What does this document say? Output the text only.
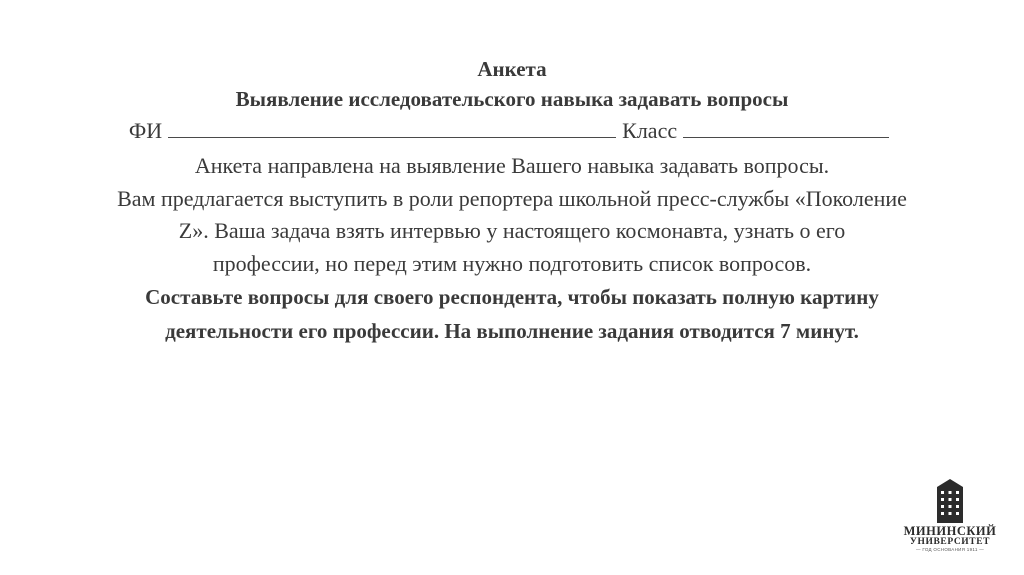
Анкета
Выявление исследовательского навыка задавать вопросы
ФИ	Класс
Анкета направлена на выявление Вашего навыка задавать вопросы.
Вам предлагается выступить в роли репортера школьной пресс-службы «Поколение
Z». Ваша задача взять интервью у настоящего космонавта, узнать о его
профессии, но перед этим нужно подготовить список вопросов.
Составьте вопросы для своего респондента, чтобы показать полную картину
деятельности его профессии. На выполнение задания отводится 7 минут.
МИНИНСКИЙ
УНИВЕРСИТЕТ
— ГОД ОСНОВАНИЯ 1911 —
